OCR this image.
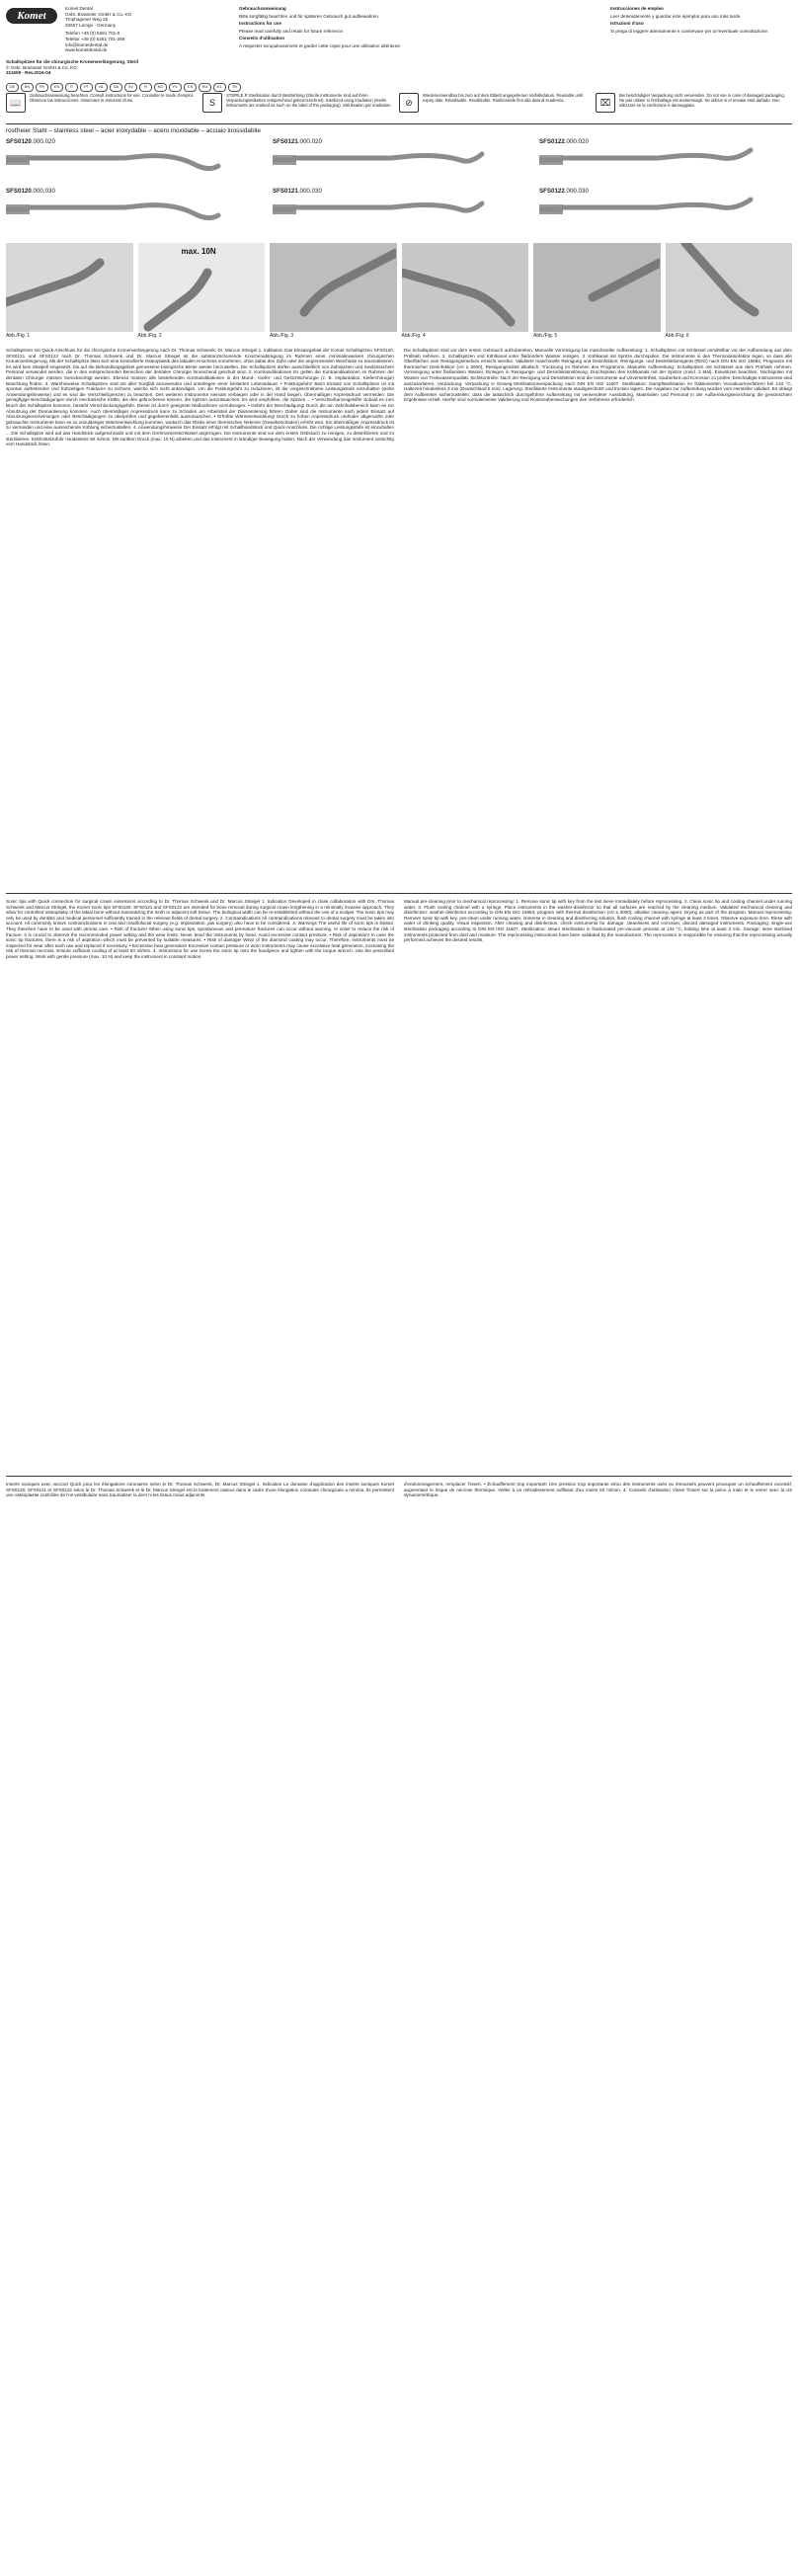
Komet
Komet Dental
Gebr. Brasseler GmbH & Co. KG
Trophagener Weg 25
32657 Lemgo · Germany
Telefon +49 (0) 5261 701-0
Telefax +49 (0) 5261 701-289
info@kometdental.de
www.kometdental.de
Schallspitzen für die chirurgische Kronenverlängerung, Steril
© Gebr. Brasseler GmbH & Co. KG
311609 · Rev.2016-04
DE	EN	FR	ES	IT	PT	NL	DA	SV	FI	NO	PL	CS	RU	EL	TR

Gebrauchsanweisung

Bitte sorgfältig beachten und für späteren Gebrauch gut aufbewahren.

Instructions for use

Please read carefully and retain for future reference.

Conseils d'utilisation

A respecter scrupuleusement et garder cette copie pour une utilisation ultérieure.

Instrucciones de empleo

Leer detenidamente y guardar este ejemplar para uso más tarde.

Istruzioni d'uso

Si prega di leggere attentamente e conservare per un'eventuale consultazione.

📖
Gebrauchsanweisung beachten. Consult instructions for use. Consulter le mode d'emploi. Observar las instrucciones. Osservare le istruzioni d'uso.	S
STERILE R Sterilisation durch Bestrahlung (Sterile Instrumente sind auf ihren Verpackungsetiketten entsprechend gekennzeichnet). Sterilized using irradiation (sterile instruments are marked as such on the label of the packaging). Stérilisation par irradiation.	⊘
Wiederverwendbar bis zum auf dem Etikett angegebenen Verfallsdatum. Reusable until expiry date. Réutilisable. Reutilizable. Riutilizzabile fino alla data di scadenza.	⌧
Bei beschädigter Verpackung nicht verwenden. Do not use in case of damaged packaging. Ne pas utiliser si l'emballage est endommagé. No utilizar si el envase está dañado. Non utilizzare se la confezione è danneggiata.
rostfreier Stahl – stainless steel – acier inoxydable – acero inoxidable – acciaio inossidabile
SFS0120.000.020	SFS0121.000.020	SFS0122.000.020
SFS0120.000.030	SFS0121.000.030	SFS0122.000.030
Abb./Fig. 1
max. 10N
Abb./Fig. 2	Abb./Fig. 3	Abb./Fig. 4	Abb./Fig. 5	Abb./Fig. 6

Schallspitzen mit Quick-Anschluss für die chirurgische Kronenverlängerung nach Dr. Thomas Schwenk, Dr. Marcus Striegel 1. Indikation Das Einsatzgebiet der Komet Schallspitzen SFS0120, SFS0121 und SFS0122 nach Dr. Thomas Schwenk und Dr. Marcus Striegel ist die substanzschonende Knochenabtragung im Rahmen einer minimalinvasiven chirurgischen Kronenverlängerung. Mit der Schallspitze lässt sich eine kontrollierte Osteoplastik des labialen Knochens vornehmen, ohne dabei den Zahn oder die angrenzenden Weichteile zu traumatisieren. Es wird kein Skalpell eingesetzt, bis auf die Behandlungsgebiet gemessene biologische Breite wieder herzustellen. Die Schallspitzen dürfen ausschließlich von Zahnärzten und medizinischem Personal verwendet werden, die in den entsprechenden Bereichen der dentalen Chirurgie hinreichend geschult sind. 2. Kontraindikationen Es gelten die Kontraindikationen im Rahmen der dentalen Chirurgie müssen berücksichtigt werden. Ebenso müssen alle bestehenden Kontraindikationen in der Mund-, Kiefer- und Gesichtschirurgie (z. B. Implantation, Kieferchirurgie) Beachtung finden. 3. Warnhinweise Schallspitzen sind mit aller Sorgfalt anzuwenden und unterliegen einer limitierten Lebensdauer. • Frakturgefahr! Beim Einsatz von Schallspitzen ist mit spontan auftretenden und frühzeitigen Frakturen zu rechnen, welche sich nicht ankündigen. Um die Frakturgefahr zu reduzieren, ist die vorgeschriebene Leistungsstufe einzuhalten (siehe Anwendungshinweise) und es sind die Verschleißgrenzen zu beachten. Des weiteren Instrumente niemals verbiegen oder in der Hand biegen, Übermäßigen Anpressdruck vermeiden. Die genügfigige Beschädigungen durch mechanische Kräfte, die den gebrochenen können, die Spitzen auszutauschen. Es wird empfohlen, die Spitzen ... • Verschleißanzeigehilfe! Sobald es zum Bruch der Schallspitze kommen, besteht Verschluckungsgefahr. Dieser ist durch geeignete Maßnahmen vorzubeugen. • Gefahr der Beschädigung! Durch die am Zahnhalsbereich kann es zur Abnutzung der Diamantierung kommen. Auch übermäßiger Anpressdruck kann zu Schäden am Arbeitsteil der Diamantierung führen. Daher sind die Instrumente nach jedem Einsatz auf Abnutzungserscheinungen oder Beschädigungen zu überprüfen und gegebenenfalls auszutauschen. • Erhöhte Wärmeentwicklung! Durch zu hohen Anpressdruck und/oder abgenutzte oder gebrauchte Instrumente kann es zu unzulässiger Wärmeentwicklung kommen, wodurch das Risiko einer thermischen Nekrose (Gewebeschäden) erhöht wird. Ein übermäßiger Anpressdruck ist zu vermeiden und eine ausreichende Kühlung sicherzustellen. 4. Anwendungshinweise Der Einsatz erfolgt mit Schallhandstück und Quick-Anschluss. Die richtige Leistungsstufe ist einzuhalten ... Die Schallspitze wird auf das Handstück aufgeschraubt und mit dem Drehmomentschlüssel angezogen. Die Instrumente sind vor dem ersten Gebrauch zu reinigen, zu desinfizieren und zu sterilisieren. Kühlmittelzufuhr mindestens 50 ml/min. Mit sanftem Druck (max. 10 N) arbeiten und das Instrument in ständiger Bewegung halten. Nach der Verwendung das Instrument vorsichtig vom Handstück lösen.

Die Schallspitzen sind vor dem ersten Gebrauch aufzubereiten. Manuelle Vorreinigung bei maschineller Aufbereitung: 1. Schallspitzen mit Schlüssel unmittelbar vor der Aufbereitung aus dem Prüfsieb nehmen. 2. Schallspitzen und Kühlkanal unter fließendem Wasser reinigen. 3. Kühlkanal mit Spritze durchspülen. Die Instrumente in den Thermodesinfektor legen, so dass alle Oberflächen vom Reinigungsmedium erreicht werden. Validierte maschinelle Reinigung und Desinfektion: Reinigungs- und Desinfektionsgerät (RDG) nach DIN EN ISO 15883, Programm mit thermischer Desinfektion (A0 ≥ 3000), Reinigungsmittel alkalisch. Trocknung im Rahmen des Programms. Manuelle Aufbereitung: Schallspitzen mit Schlüssel aus dem Prüfsieb nehmen. Vorreinigung unter fließendem Wasser, Einlegen in Reinigungs- und Desinfektionslösung, Durchspülen des Kühlkanals mit der Spritze (mind. 3 Mal). Einwirkzeit beachten. Nachspülen mit Wasser von Trinkwasserqualität. Sichtkontrolle: Nach der Reinigung und Desinfektion sind die Instrumente auf Unversehrtheit, Sauberkeit und Korrosion zu prüfen; beschädigte Instrumente sind auszusortieren. Verpackung: Verpackung in Einweg-Sterilisationsverpackung nach DIN EN ISO 11607. Sterilisation: Dampfsterilisation im fraktionierten Vorvakuumverfahren bei 134 °C, Haltezeit mindestens 3 min (Deutschland 5 min). Lagerung: Sterilisierte Instrumente staubgeschützt und trocken lagern. Die Angaben zur Aufbereitung wurden vom Hersteller validiert. Es obliegt dem Aufbereiter sicherzustellen, dass die tatsächlich durchgeführte Aufbereitung mit verwendeter Ausstattung, Materialien und Personal in der Aufbereitungseinrichtung die gewünschten Ergebnisse erzielt. Hierfür sind normalerweise Validierung und Routineüberwachungen des Verfahrens erforderlich.

Sonic tips with Quick connection for surgical crown extensions according to Dr. Thomas Schwenk and Dr. Marcus Striegel 1. Indication Developed in close collaboration with Drs. Thomas Schwenk and Marcus Striegel, the Komet sonic tips SFS0120, SFS0121 and SFS0122 are intended for bone removal during surgical crown lengthening in a minimally invasive approach. They allow for controlled osteoplasty of the labial bone without traumatizing the tooth or adjacent soft tissue. The biological width can be re-established without the use of a scalpel. The sonic tips may only be used by dentists and medical personnel sufficiently trained in the relevant fields of dental surgery. 2. Contraindications All contraindications relevant to dental surgery must be taken into account. All commonly known contraindications in oral and maxillofacial surgery (e.g. implantation, jaw surgery) also have to be considered. 3. Warnings The useful life of sonic tips is limited. They therefore have to be used with utmost care. • Risk of fracture! When using sonic tips, spontaneous and premature fractures can occur without warning. In order to reduce the risk of fracture, it is crucial to observe the recommended power setting and the wear limits. Never bend the instruments by hand. Avoid excessive contact pressure. • Risk of aspiration! In case the sonic tip fractures, there is a risk of aspiration which must be prevented by suitable measures. • Risk of damage! Wear of the diamond coating may occur. Therefore, instruments must be inspected for wear after each use and replaced if necessary. • Excessive heat generation! Excessive contact pressure or worn instruments may cause excessive heat generation, increasing the risk of thermal necrosis. Ensure sufficient cooling of at least 50 ml/min. 4. Instructions for use Screw the sonic tip onto the handpiece and tighten with the torque wrench. Use the prescribed power setting. Work with gentle pressure (max. 10 N) and keep the instrument in constant motion.

Manual pre-cleaning prior to mechanical reprocessing: 1. Remove sonic tip with key from the test sieve immediately before reprocessing. 2. Clean sonic tip and cooling channel under running water. 3. Flush cooling channel with a syringe. Place instruments in the washer-disinfector so that all surfaces are reached by the cleaning medium. Validated mechanical cleaning and disinfection: washer-disinfector according to DIN EN ISO 15883, program with thermal disinfection (A0 ≥ 3000), alkaline cleaning agent. Drying as part of the program. Manual reprocessing: Remove sonic tip with key, pre-clean under running water, immerse in cleaning and disinfecting solution, flush cooling channel with syringe at least 3 times. Observe exposure time. Rinse with water of drinking quality. Visual inspection: After cleaning and disinfection, check instruments for damage, cleanliness and corrosion; discard damaged instruments. Packaging: single-use sterilization packaging according to DIN EN ISO 11607. Sterilization: steam sterilization in fractionated pre-vacuum process at 134 °C, holding time at least 3 min. Storage: store sterilized instruments protected from dust and moisture. The reprocessing instructions have been validated by the manufacturer. The reprocessor is responsible for ensuring that the reprocessing actually performed achieves the desired results.

Inserts soniques avec raccord Quick pour les élongations coronaires selon le Dr. Thomas Schwenk, Dr. Marcus Striegel 1. Indication Le domaine d'application des inserts soniques Komet SFS0120, SFS0121 et SFS0122 selon le Dr. Thomas Schwenk et le Dr. Marcus Striegel est le traitement osseux dans le cadre d'une élongation coronaire chirurgicale a minima. Ils permettent une ostéoplastie contrôlée de l'os vestibulaire sans traumatiser la dent ni les tissus mous adjacents.

d'endommagement, remplacer l'insert. • Échauffement trop important! Une pression trop importante et/ou des instruments usés ou émoussés peuvent provoquer un échauffement excessif, augmentant le risque de nécrose thermique. Veiller à un refroidissement suffisant d'au moins 50 ml/min. 4. Conseils d'utilisation Visser l'insert sur la pièce à main et le serrer avec la clé dynamométrique.
